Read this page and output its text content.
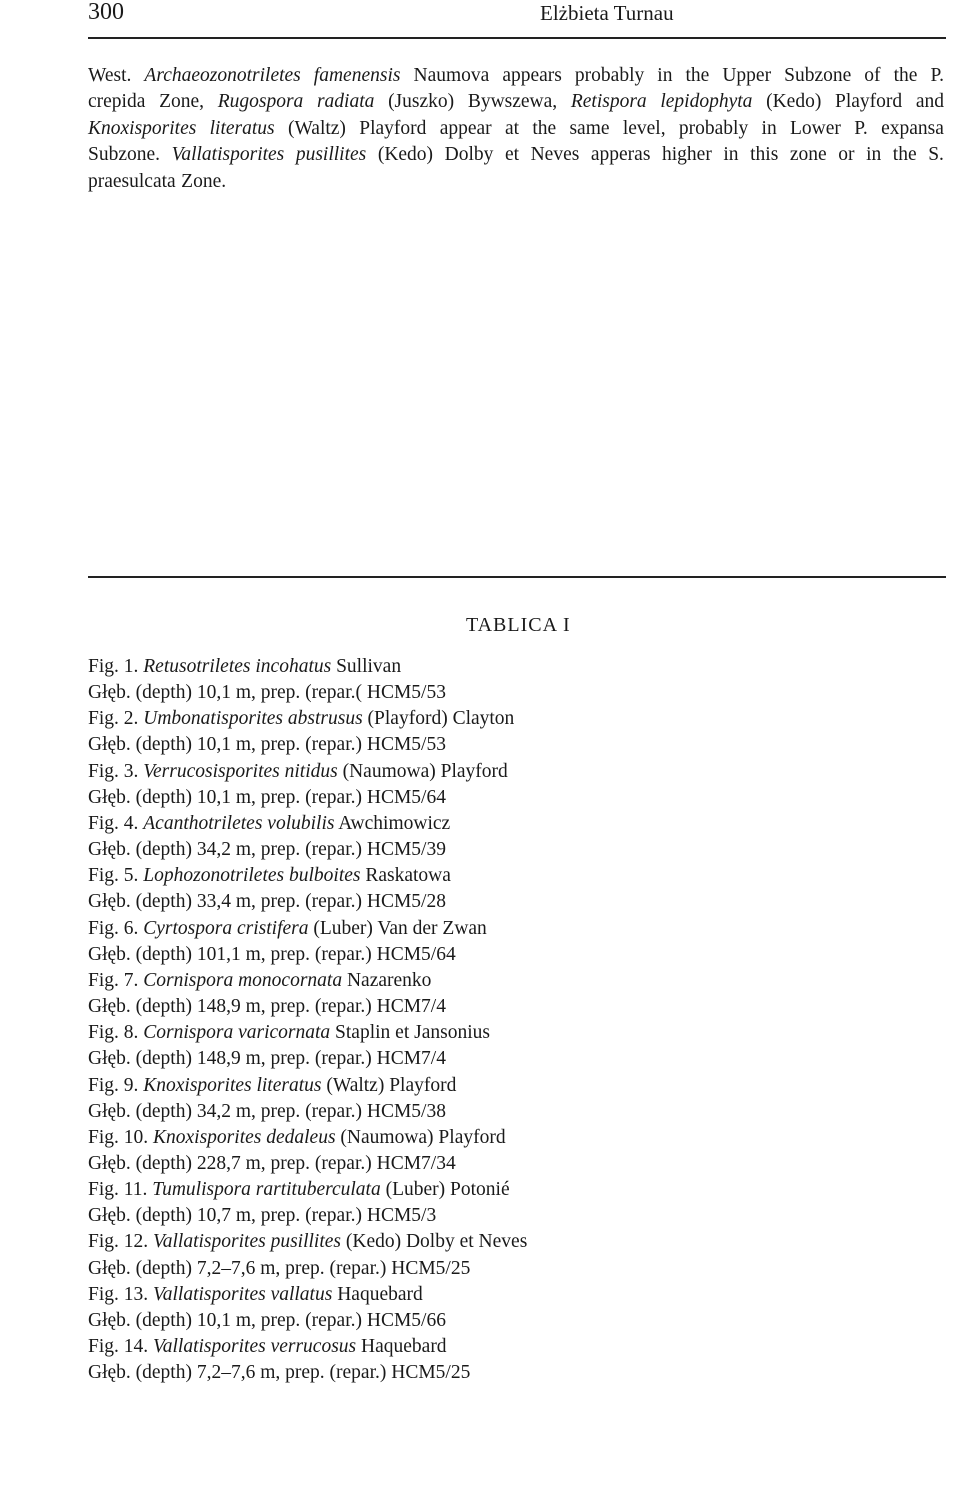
300	Elżbieta Turnau
West. Archaeozonotriletes famenensis Naumova appears probably in the Upper Subzone of the P.
crepida Zone, Rugospora radiata (Juszko) Bywszewa, Retispora lepidophyta (Kedo) Playford and
Knoxisporites literatus (Waltz) Playford appear at the same level, probably in Lower P. expansa
Subzone. Vallatisporites pusillites (Kedo) Dolby et Neves apperas higher in this zone or in the S.
praesulcata Zone.
TABLICA I
Fig. 1. Retusotriletes incohatus Sullivan
Głęb. (depth) 10,1 m, prep. (repar.( HCM5/53
Fig. 2. Umbonatisporites abstrusus (Playford) Clayton
Głęb. (depth) 10,1 m, prep. (repar.) HCM5/53
Fig. 3. Verrucosisporites nitidus (Naumowa) Playford
Głęb. (depth) 10,1 m, prep. (repar.) HCM5/64
Fig. 4. Acanthotriletes volubilis Awchimowicz
Głęb. (depth) 34,2 m, prep. (repar.) HCM5/39
Fig. 5. Lophozonotriletes bulboites Raskatowa
Głęb. (depth) 33,4 m, prep. (repar.) HCM5/28
Fig. 6. Cyrtospora cristifera (Luber) Van der Zwan
Głęb. (depth) 101,1 m, prep. (repar.) HCM5/64
Fig. 7. Cornispora monocornata Nazarenko
Głęb. (depth) 148,9 m, prep. (repar.) HCM7/4
Fig. 8. Cornispora varicornata Staplin et Jansonius
Głęb. (depth) 148,9 m, prep. (repar.) HCM7/4
Fig. 9. Knoxisporites literatus (Waltz) Playford
Głęb. (depth) 34,2 m, prep. (repar.) HCM5/38
Fig. 10. Knoxisporites dedaleus (Naumowa) Playford
Głęb. (depth) 228,7 m, prep. (repar.) HCM7/34
Fig. 11. Tumulispora rartituberculata (Luber) Potonié
Głęb. (depth) 10,7 m, prep. (repar.) HCM5/3
Fig. 12. Vallatisporites pusillites (Kedo) Dolby et Neves
Głęb. (depth) 7,2–7,6 m, prep. (repar.) HCM5/25
Fig. 13. Vallatisporites vallatus Haquebard
Głęb. (depth) 10,1 m, prep. (repar.) HCM5/66
Fig. 14. Vallatisporites verrucosus Haquebard
Głęb. (depth) 7,2–7,6 m, prep. (repar.) HCM5/25
